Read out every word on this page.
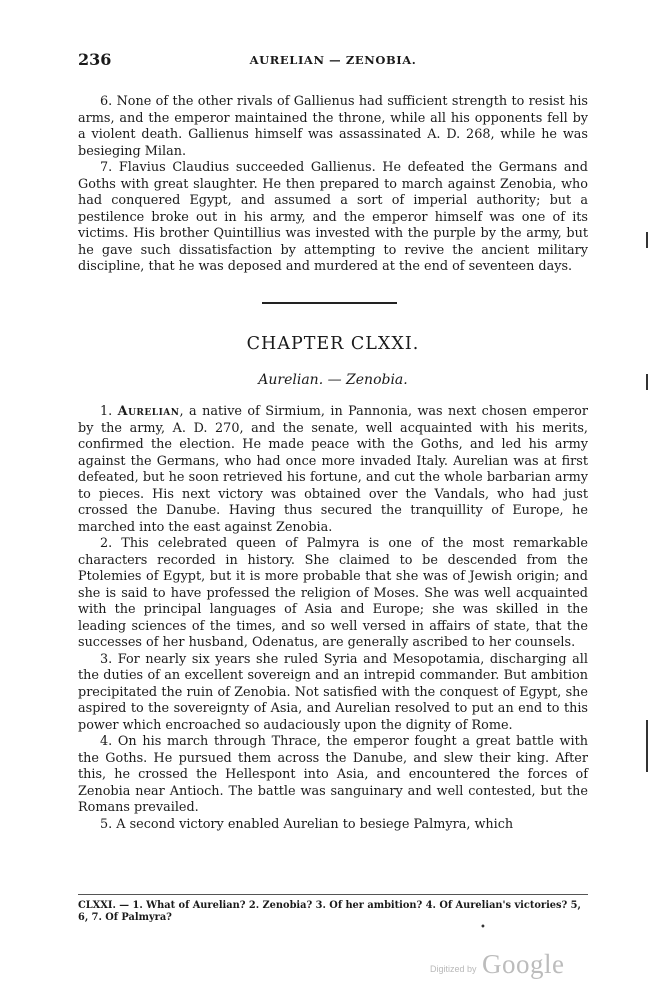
236	AURELIAN — ZENOBIA.

6. None of the other rivals of Gallienus had sufficient strength to resist his arms, and the emperor maintained the throne, while all his opponents fell by a violent death. Gallienus himself was assassinated A. D. 268, while he was besieging Milan.

7. Flavius Claudius succeeded Gallienus. He defeated the Germans and Goths with great slaughter. He then prepared to march against Zenobia, who had conquered Egypt, and assumed a sort of imperial authority; but a pestilence broke out in his army, and the emperor himself was one of its victims. His brother Quintillius was invested with the purple by the army, but he gave such dissatisfaction by attempting to revive the ancient military discipline, that he was deposed and murdered at the end of seventeen days.

CHAPTER CLXXI.
Aurelian. — Zenobia.

1. Aurelian, a native of Sirmium, in Pannonia, was next chosen emperor by the army, A. D. 270, and the senate, well acquainted with his merits, confirmed the election. He made peace with the Goths, and led his army against the Germans, who had once more invaded Italy. Aurelian was at first defeated, but he soon retrieved his fortune, and cut the whole barbarian army to pieces. His next victory was obtained over the Vandals, who had just crossed the Danube. Having thus secured the tranquillity of Europe, he marched into the east against Zenobia.

2. This celebrated queen of Palmyra is one of the most remarkable characters recorded in history. She claimed to be descended from the Ptolemies of Egypt, but it is more probable that she was of Jewish origin; and she is said to have professed the religion of Moses. She was well acquainted with the principal languages of Asia and Europe; she was skilled in the leading sciences of the times, and so well versed in affairs of state, that the successes of her husband, Odenatus, are generally ascribed to her counsels.

3. For nearly six years she ruled Syria and Mesopotamia, discharging all the duties of an excellent sovereign and an intrepid commander. But ambition precipitated the ruin of Zenobia. Not satisfied with the conquest of Egypt, she aspired to the sovereignty of Asia, and Aurelian resolved to put an end to this power which encroached so audaciously upon the dignity of Rome.

4. On his march through Thrace, the emperor fought a great battle with the Goths. He pursued them across the Danube, and slew their king. After this, he crossed the Hellespont into Asia, and encountered the forces of Zenobia near Antioch. The battle was sanguinary and well contested, but the Romans prevailed.

5. A second victory enabled Aurelian to besiege Palmyra, which

CLXXI. — 1. What of Aurelian? 2. Zenobia? 3. Of her ambition? 4. Of Aurelian's victories? 5, 6, 7. Of Palmyra?
•
Digitized by Google
